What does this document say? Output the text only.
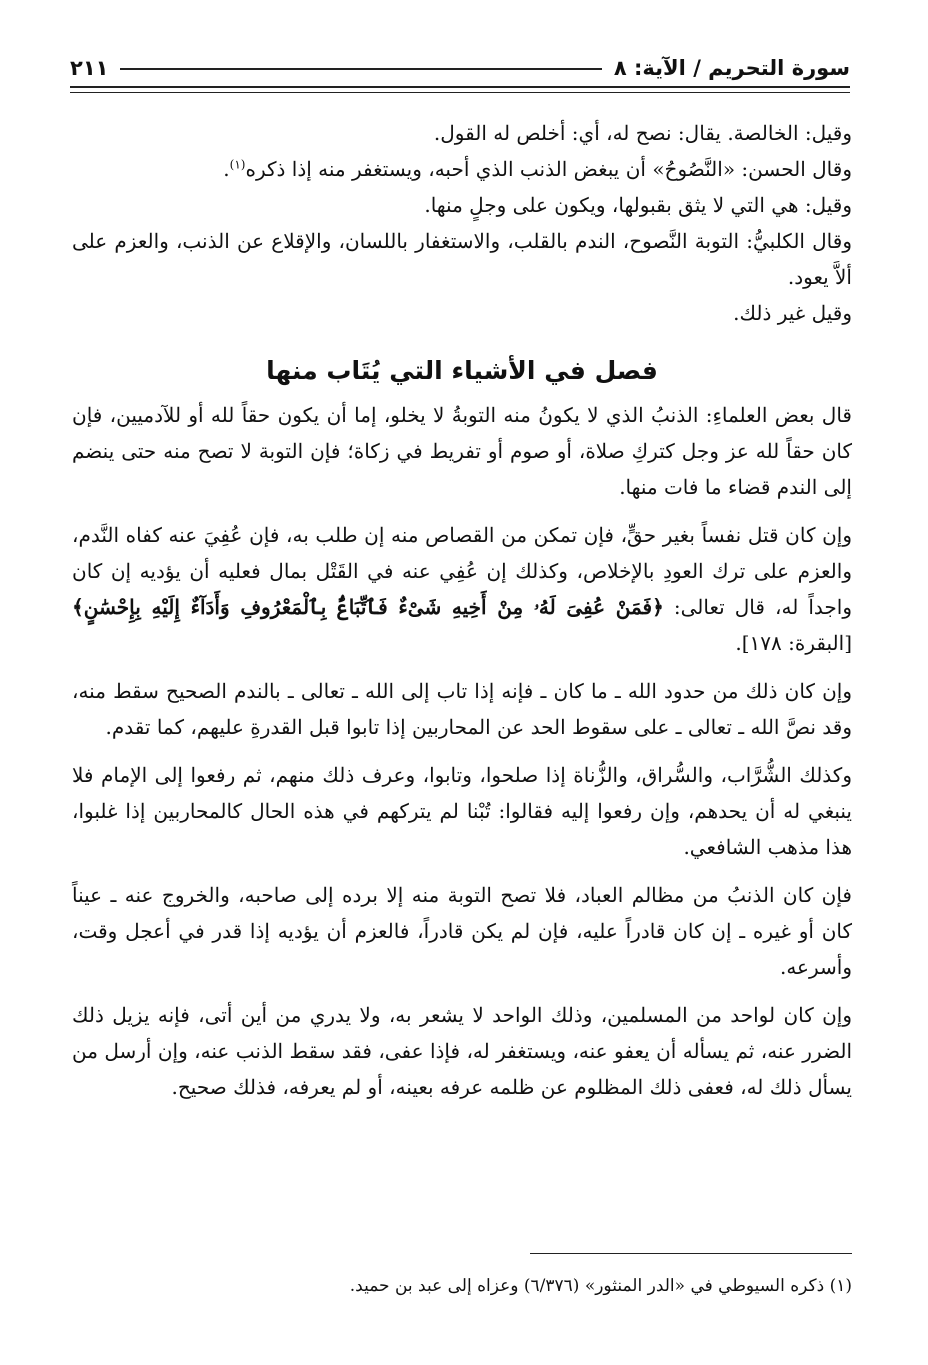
سورة التحريم / الآية: ٨
٢١١

وقيل: الخالصة. يقال: نصح له، أي: أخلص له القول.

وقال الحسن: «النَّصُوحُ» أن يبغض الذنب الذي أحبه، ويستغفر منه إذا ذكره$^{(١)}$.

وقيل: هي التي لا يثق بقبولها، ويكون على وجلٍ منها.

وقال الكلبيُّ: التوبة النَّصوح، الندم بالقلب، والاستغفار باللسان، والإقلاع عن الذنب، والعزم على ألاَّ يعود.

وقيل غير ذلك.

فصل في الأشياء التي يُتَاب منها

قال بعض العلماءِ: الذنبُ الذي لا يكونُ منه التوبةُ لا يخلو، إما أن يكون حقاً لله أو للآدميين، فإن كان حقاً لله عز وجل كتركِ صلاة، أو صوم أو تفريط في زكاة؛ فإن التوبة لا تصح منه حتى ينضم إلى الندم قضاء ما فات منها.

وإن كان قتل نفساً بغير حقٍّ، فإن تمكن من القصاص منه إن طلب به، فإن عُفِيَ عنه كفاه النَّدم، والعزم على ترك العودِ بالإخلاص، وكذلك إن عُفِي عنه في القَتْل بمال فعليه أن يؤديه إن كان واجداً له، قال تعالى: ﴿فَمَنْ عُفِىَ لَهُۥ مِنْ أَخِيهِ شَىْءٌ فَٱتِّبَاعٌۢ بِٱلْمَعْرُوفِ وَأَدَآءٌ إِلَيْهِ بِإِحْسَٰنٍ﴾ [البقرة: ١٧٨].

وإن كان ذلك من حدود الله ـ ما كان ـ فإنه إذا تاب إلى الله ـ تعالى ـ بالندم الصحيح سقط منه، وقد نصَّ الله ـ تعالى ـ على سقوط الحد عن المحاربين إذا تابوا قبل القدرةِ عليهم، كما تقدم.

وكذلك الشُّرَّاب، والسُّراق، والزُّناة إذا صلحوا، وتابوا، وعرف ذلك منهم، ثم رفعوا إلى الإمام فلا ينبغي له أن يحدهم، وإن رفعوا إليه فقالوا: تُبْنا لم يتركهم في هذه الحال كالمحاربين إذا غلبوا، هذا مذهب الشافعي.

فإن كان الذنبُ من مظالم العباد، فلا تصح التوبة منه إلا برده إلى صاحبه، والخروج عنه ـ عيناً كان أو غيره ـ إن كان قادراً عليه، فإن لم يكن قادراً، فالعزم أن يؤديه إذا قدر في أعجل وقت، وأسرعه.

وإن كان لواحد من المسلمين، وذلك الواحد لا يشعر به، ولا يدري من أين أتى، فإنه يزيل ذلك الضرر عنه، ثم يسأله أن يعفو عنه، ويستغفر له، فإذا عفى، فقد سقط الذنب عنه، وإن أرسل من يسأل ذلك له، فعفى ذلك المظلوم عن ظلمه عرفه بعينه، أو لم يعرفه، فذلك صحيح.

(١) ذكره السيوطي في «الدر المنثور» (٦/٣٧٦) وعزاه إلى عبد بن حميد.
